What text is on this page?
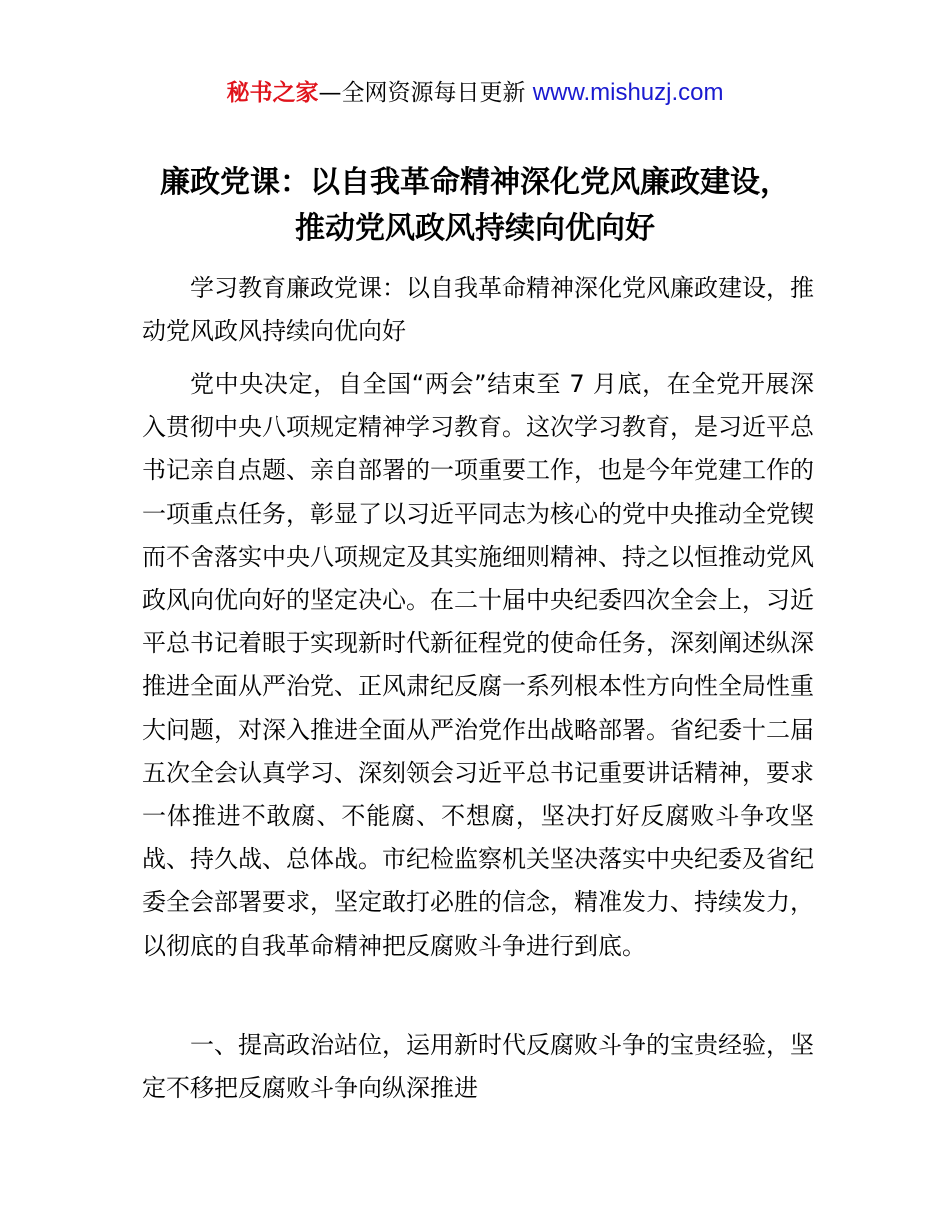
秘书之家—全网资源每日更新 www.mishuzj.com
廉政党课：以自我革命精神深化党风廉政建设，
推动党风政风持续向优向好

学习教育廉政党课：以自我革命精神深化党风廉政建设，推动党风政风持续向优向好

党中央决定，自全国“两会”结束至 7 月底，在全党开展深入贯彻中央八项规定精神学习教育。这次学习教育，是习近平总书记亲自点题、亲自部署的一项重要工作，也是今年党建工作的一项重点任务，彰显了以习近平同志为核心的党中央推动全党锲而不舍落实中央八项规定及其实施细则精神、持之以恒推动党风政风向优向好的坚定决心。在二十届中央纪委四次全会上，习近平总书记着眼于实现新时代新征程党的使命任务，深刻阐述纵深推进全面从严治党、正风肃纪反腐一系列根本性方向性全局性重大问题，对深入推进全面从严治党作出战略部署。省纪委十二届五次全会认真学习、深刻领会习近平总书记重要讲话精神，要求一体推进不敢腐、不能腐、不想腐，坚决打好反腐败斗争攻坚战、持久战、总体战。市纪检监察机关坚决落实中央纪委及省纪委全会部署要求，坚定敢打必胜的信念，精准发力、持续发力，以彻底的自我革命精神把反腐败斗争进行到底。

一、提高政治站位，运用新时代反腐败斗争的宝贵经验，坚定不移把反腐败斗争向纵深推进
